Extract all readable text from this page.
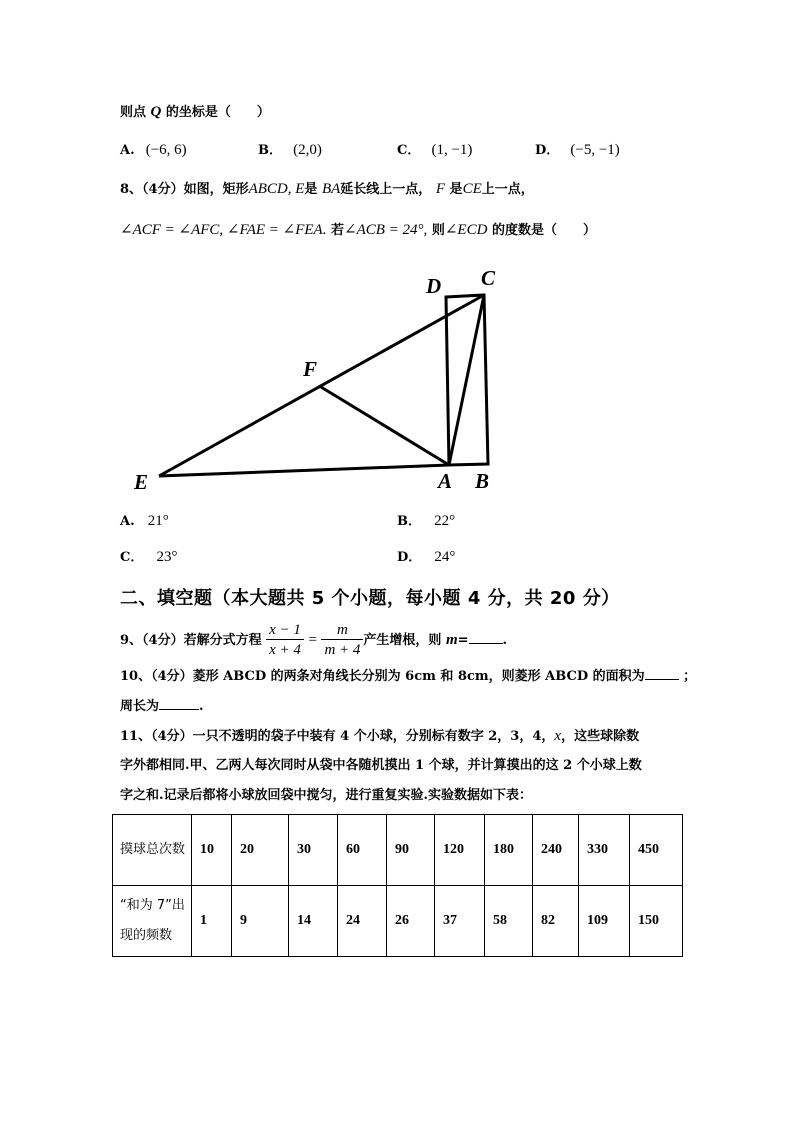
则点 Q 的坐标是（　　）
A. (−6, 6)	B． (2,0)	C． (1, −1)	D． (−5, −1)
8、（4分）如图，矩形ABCD, E是 BA延长线上一点， F 是CE上一点，
∠ACF = ∠AFC, ∠FAE = ∠FEA. 若∠ACB = 24°, 则∠ECD 的度数是（　　）
D C
F
E	A B
A. 21°	B． 22°
C． 23°	D． 24°
二、填空题（本大题共 5 个小题，每小题 4 分，共 20 分）
9、（4分）若解分式方程 $\frac{x - 1}{x + 4} = \frac{m}{m + 4}$ 产生增根，则 m=	.
10、（4分）菱形 ABCD 的两条对角线长分别为 6cm 和 8cm，则菱形 ABCD 的面积为	；
周长为	.
11、（4分）一只不透明的袋子中装有 4 个小球，分别标有数字 2，3，4，x，这些球除数
字外都相同.甲、乙两人每次同时从袋中各随机摸出 1 个球，并计算摸出的这 2 个小球上数
字之和.记录后都将小球放回袋中搅匀，进行重复实验.实验数据如下表：
摸球总次数	10	20	30	60	90	120	180	240	330	450
“和为 7”出现的频数	1	9	14	24	26	37	58	82	109	150
